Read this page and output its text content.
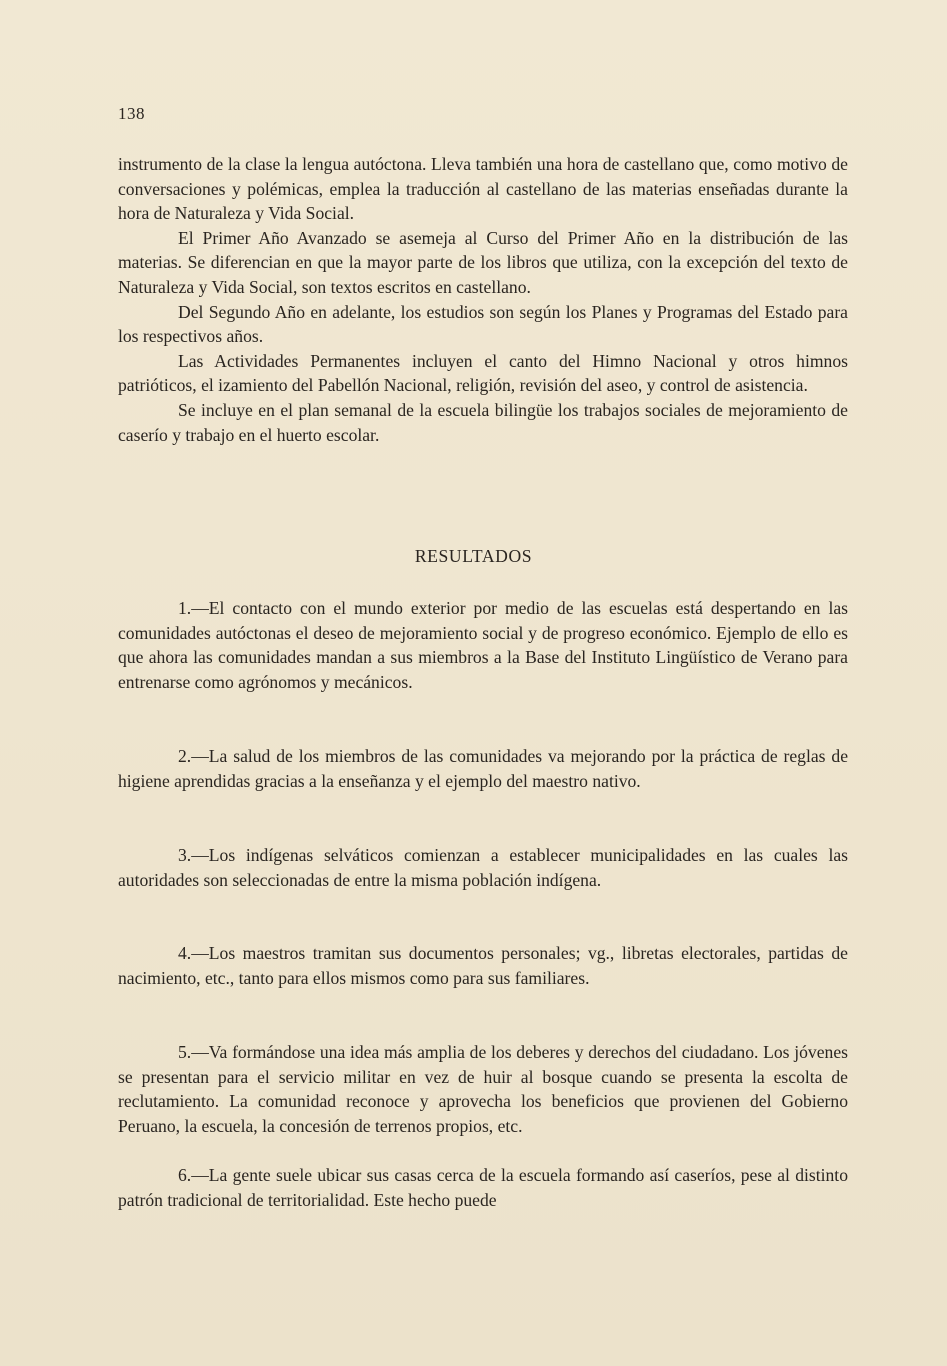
138

instrumento de la clase la lengua autóctona. Lleva también una hora de castellano que, como motivo de conversaciones y polémicas, emplea la traducción al castellano de las materias enseñadas durante la hora de Naturaleza y Vida Social.

El Primer Año Avanzado se asemeja al Curso del Primer Año en la distribución de las materias. Se diferencian en que la mayor parte de los libros que utiliza, con la excepción del texto de Naturaleza y Vida Social, son textos escritos en castellano.

Del Segundo Año en adelante, los estudios son según los Planes y Programas del Estado para los respectivos años.

Las Actividades Permanentes incluyen el canto del Himno Nacional y otros himnos patrióticos, el izamiento del Pabellón Nacional, religión, revisión del aseo, y control de asistencia.

Se incluye en el plan semanal de la escuela bilingüe los trabajos sociales de mejoramiento de caserío y trabajo en el huerto escolar.

RESULTADOS

1.—El contacto con el mundo exterior por medio de las escuelas está despertando en las comunidades autóctonas el deseo de mejoramiento social y de progreso económico. Ejemplo de ello es que ahora las comunidades mandan a sus miembros a la Base del Instituto Lingüístico de Verano para entrenarse como agrónomos y mecánicos.

2.—La salud de los miembros de las comunidades va mejorando por la práctica de reglas de higiene aprendidas gracias a la enseñanza y el ejemplo del maestro nativo.

3.—Los indígenas selváticos comienzan a establecer municipalidades en las cuales las autoridades son seleccionadas de entre la misma población indígena.

4.—Los maestros tramitan sus documentos personales; vg., libretas electorales, partidas de nacimiento, etc., tanto para ellos mismos como para sus familiares.

5.—Va formándose una idea más amplia de los deberes y derechos del ciudadano. Los jóvenes se presentan para el servicio militar en vez de huir al bosque cuando se presenta la escolta de reclutamiento. La comunidad reconoce y aprovecha los beneficios que provienen del Gobierno Peruano, la escuela, la concesión de terrenos propios, etc.

6.—La gente suele ubicar sus casas cerca de la escuela formando así caseríos, pese al distinto patrón tradicional de territorialidad. Este hecho puede
